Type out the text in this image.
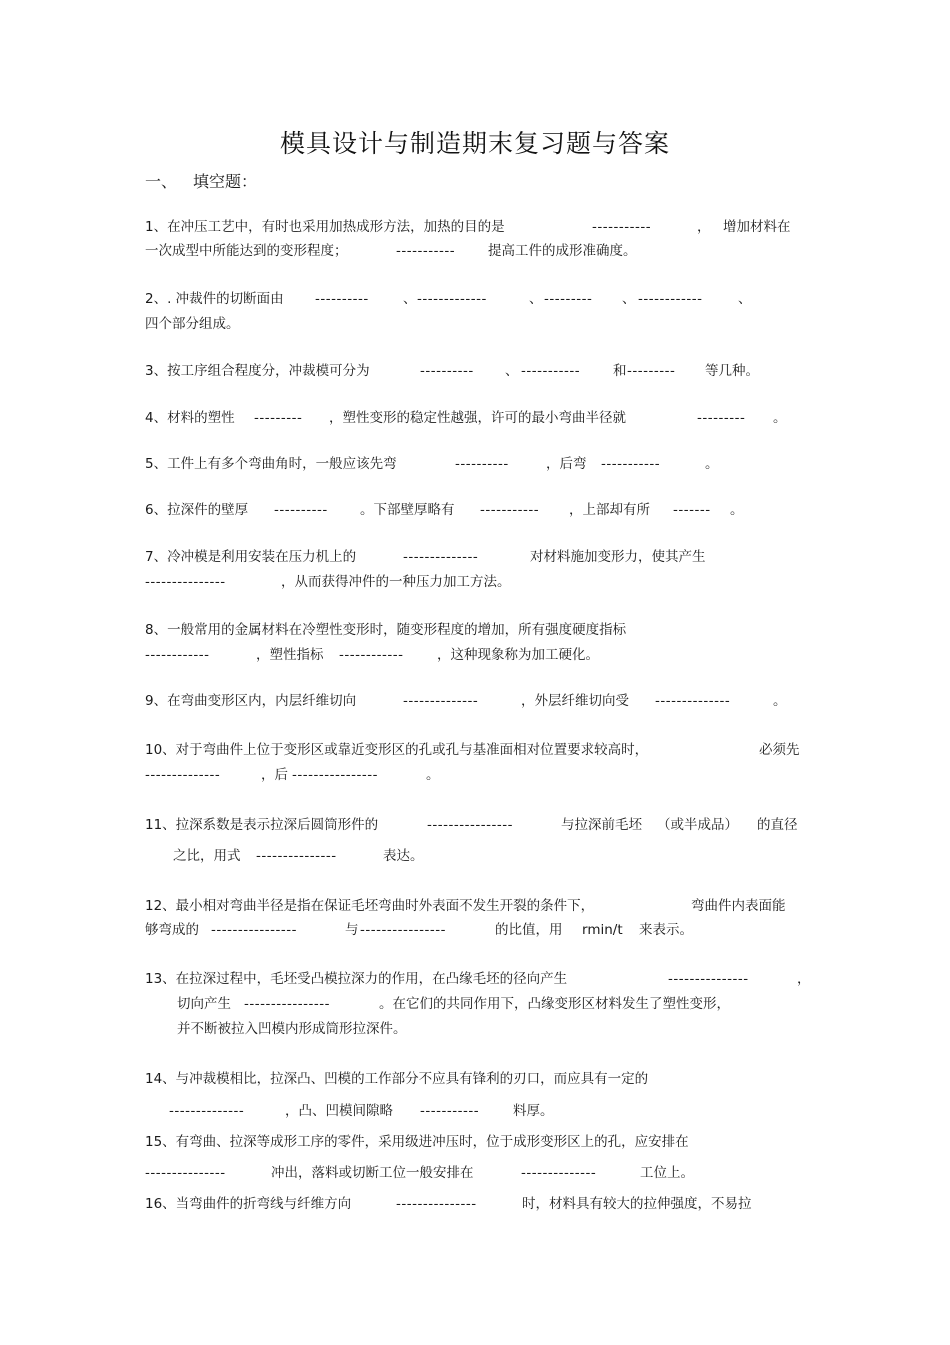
模具设计与制造期末复习题与答案
一、 填空题：
1、在冲压工艺中，有时也采用加热成形方法，加热的目的是	-----------	， 增加材料在
一次成型中所能达到的变形程度；	----------- 提高工件的成形准确度。
2、. 冲裁件的切断面由 ----------	、 -------------	、 --------- 、 ------------	、
四个部分组成。
3、按工序组合程度分，冲裁模可分为	---------- 、 ----------- 和 --------- 等几种。
4、材料的塑性 --------- ，塑性变形的稳定性越强，许可的最小弯曲半径就	--------- 。
5、工件上有多个弯曲角时，一般应该先弯	----------	，后弯 -----------	。
6、拉深件的壁厚 ---------- 。下部壁厚略有 ----------- ，上部却有所 ------- 。
7、冷冲模是利用安装在压力机上的	--------------	对材料施加变形力，使其产生
---------------	，从而获得冲件的一种压力加工方法。
8、一般常用的金属材料在冷塑性变形时，随变形程度的增加，所有强度硬度指标
------------	，塑性指标 ------------ ，这种现象称为加工硬化。
9、在弯曲变形区内，内层纤维切向	--------------	，外层纤维切向受 --------------	。
10、对于弯曲件上位于变形区或靠近变形区的孔或孔与基准面相对位置要求较高时，	必须先
--------------	，后 ----------------	。
11、拉深系数是表示拉深后圆筒形件的	----------------	与拉深前毛坯 （或半成品） 的直径
之比，用式 ---------------	表达。
12、最小相对弯曲半径是指在保证毛坯弯曲时外表面不发生开裂的条件下，	弯曲件内表面能
够弯成的 ----------------	与 ----------------	的比值，用 rmin/t 来表示。
13、在拉深过程中，毛坯受凸模拉深力的作用，在凸缘毛坯的径向产生	---------------	，
切向产生 ----------------	。在它们的共同作用下，凸缘变形区材料发生了塑性变形，
并不断被拉入凹模内形成筒形拉深件。
14、与冲裁模相比，拉深凸、凹模的工作部分不应具有锋利的刃口，而应具有一定的
--------------	，凸、凹模间隙略 -----------	料厚。
15、有弯曲、拉深等成形工序的零件，采用级进冲压时，位于成形变形区上的孔，应安排在
---------------	冲出，落料或切断工位一般安排在	--------------	工位上。
16、当弯曲件的折弯线与纤维方向	---------------	时，材料具有较大的拉伸强度，不易拉
